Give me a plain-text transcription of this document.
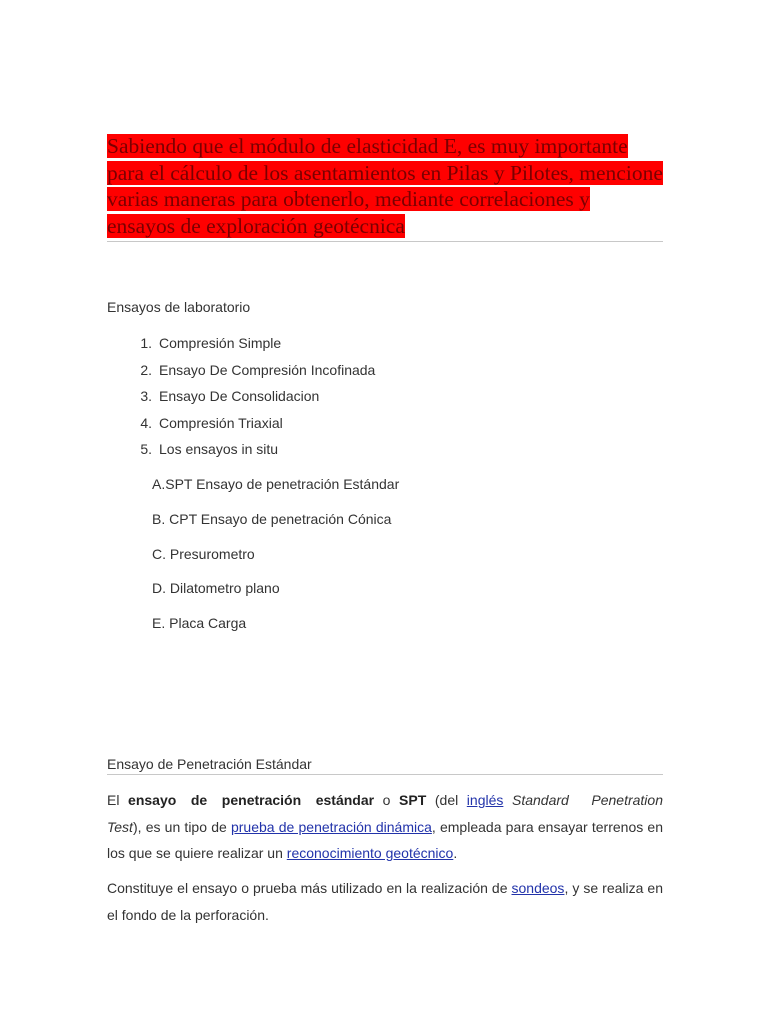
Sabiendo que el módulo de elasticidad E, es muy importante para el cálculo de los asentamientos en Pilas y Pilotes, mencione varias maneras para obtenerlo, mediante correlaciones y ensayos de exploración geotécnica
Ensayos de laboratorio
1. Compresión Simple
2. Ensayo De Compresión Incofinada
3. Ensayo De Consolidacion
4. Compresión Triaxial
5. Los ensayos in situ
A.SPT Ensayo de penetración Estándar
B. CPT Ensayo de penetración Cónica
C. Presurometro
D. Dilatometro plano
E. Placa Carga
Ensayo de Penetración Estándar

El ensayo de penetración estándar o SPT (del inglés Standard Penetration Test), es un tipo de prueba de penetración dinámica, empleada para ensayar terrenos en los que se quiere realizar un reconocimiento geotécnico.

Constituye el ensayo o prueba más utilizado en la realización de sondeos, y se realiza en el fondo de la perforación.
